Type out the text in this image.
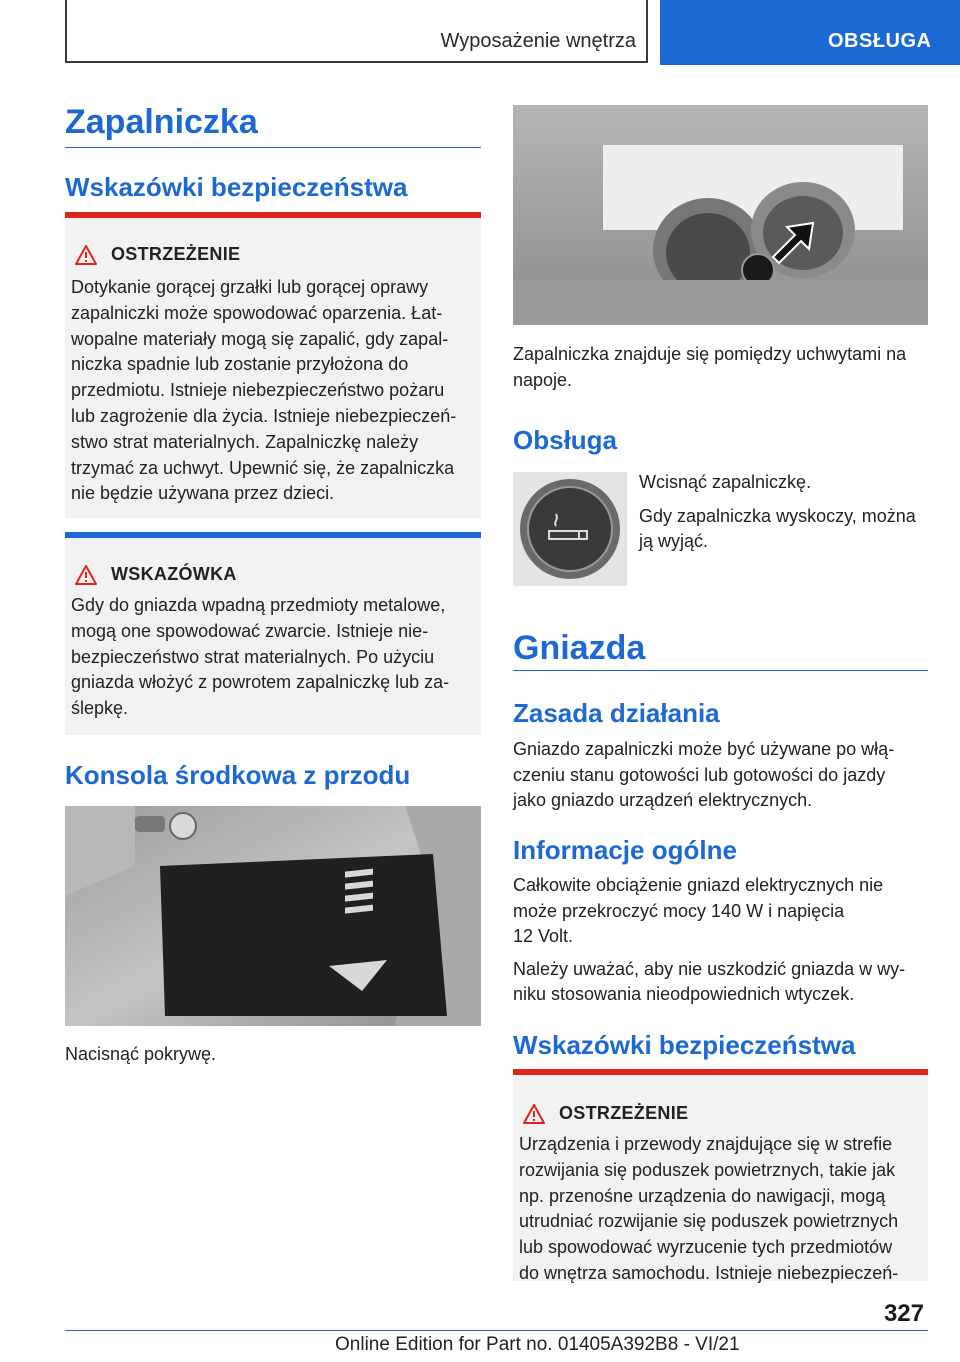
Wyposażenie wnętrza	OBSŁUGA
Zapalniczka
Wskazówki bezpieczeństwa
OSTRZEŻENIE
Dotykanie gorącej grzałki lub gorącej oprawy
zapalniczki może spowodować oparzenia. Łat-
wopalne materiały mogą się zapalić, gdy zapal-
niczka spadnie lub zostanie przyłożona do
przedmiotu. Istnieje niebezpieczeństwo pożaru
lub zagrożenie dla życia. Istnieje niebezpieczeń-
stwo strat materialnych. Zapalniczkę należy
trzymać za uchwyt. Upewnić się, że zapalniczka
nie będzie używana przez dzieci.
WSKAZÓWKA
Gdy do gniazda wpadną przedmioty metalowe,
mogą one spowodować zwarcie. Istnieje nie-
bezpieczeństwo strat materialnych. Po użyciu
gniazda włożyć z powrotem zapalniczkę lub za-
ślepkę.
Konsola środkowa z przodu
Nacisnąć pokrywę.
Zapalniczka znajduje się pomiędzy uchwytami na
napoje.
Obsługa
Wcisnąć zapalniczkę.
Gdy zapalniczka wyskoczy, można
ją wyjąć.
Gniazda
Zasada działania
Gniazdo zapalniczki może być używane po włą-
czeniu stanu gotowości lub gotowości do jazdy
jako gniazdo urządzeń elektrycznych.
Informacje ogólne
Całkowite obciążenie gniazd elektrycznych nie
może przekroczyć mocy 140 W i napięcia
12 Volt.
Należy uważać, aby nie uszkodzić gniazda w wy-
niku stosowania nieodpowiednich wtyczek.
Wskazówki bezpieczeństwa
OSTRZEŻENIE
Urządzenia i przewody znajdujące się w strefie
rozwijania się poduszek powietrznych, takie jak
np. przenośne urządzenia do nawigacji, mogą
utrudniać rozwijanie się poduszek powietrznych
lub spowodować wyrzucenie tych przedmiotów
do wnętrza samochodu. Istnieje niebezpieczeń-
327
Online Edition for Part no. 01405A392B8 - VI/21
